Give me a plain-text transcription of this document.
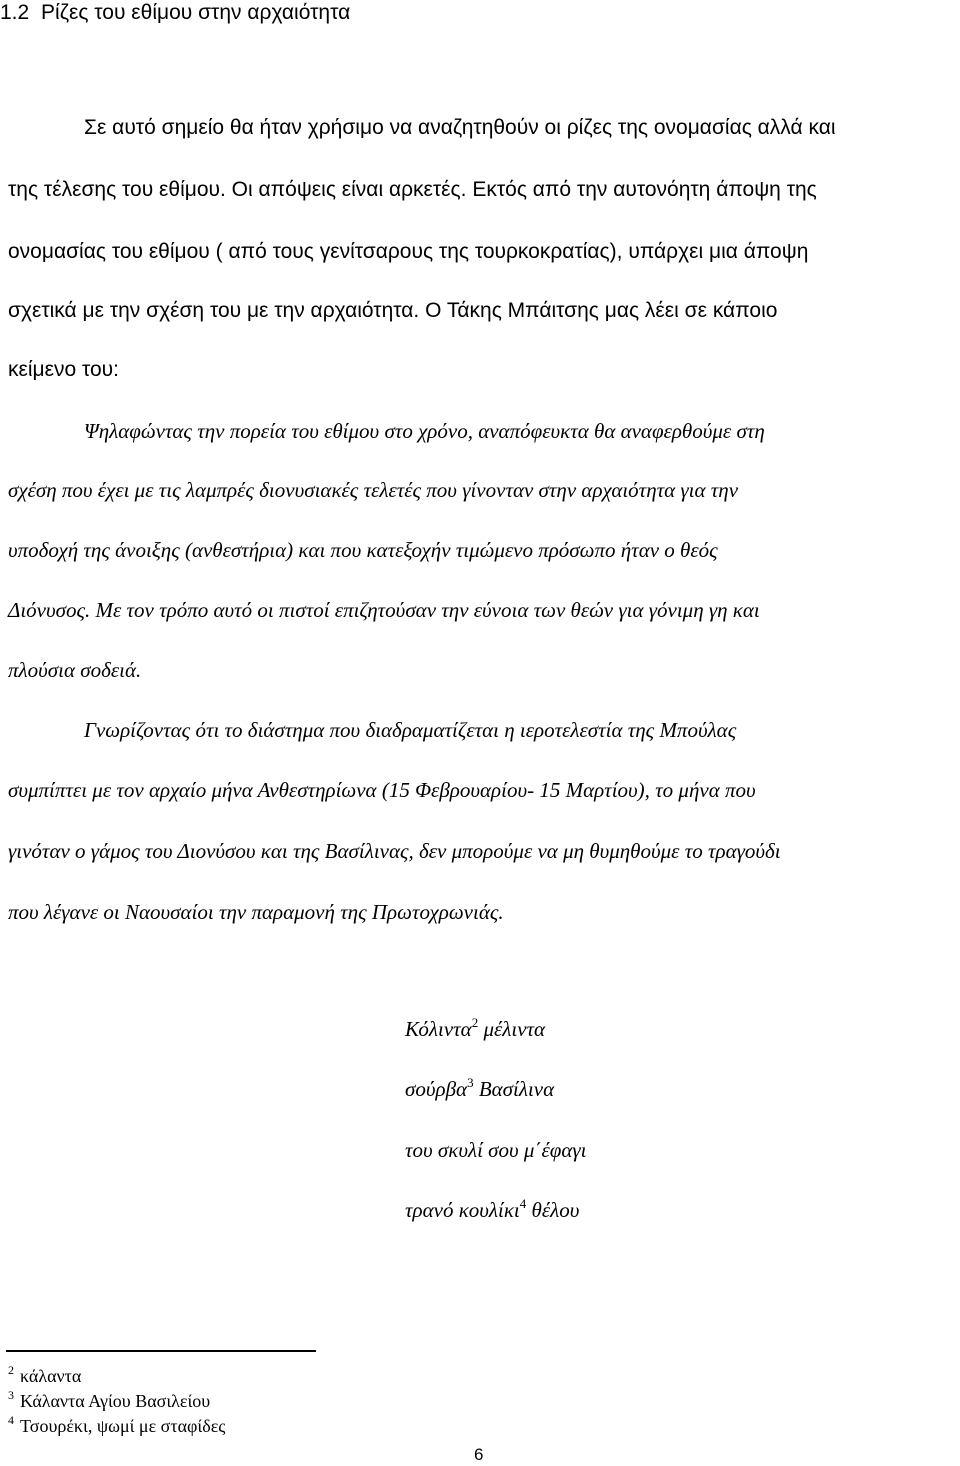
1.2 Ρίζες του εθίμου στην αρχαιότητα
Σε αυτό σημείο θα ήταν χρήσιμο να αναζητηθούν οι ρίζες της ονομασίας αλλά και
της τέλεσης του εθίμου. Οι απόψεις είναι αρκετές. Εκτός από την αυτονόητη άποψη της
ονομασίας του εθίμου ( από τους γενίτσαρους της τουρκοκρατίας), υπάρχει μια άποψη
σχετικά με την σχέση του με την αρχαιότητα. Ο Τάκης Μπάιτσης μας λέει σε κάποιο
κείμενο του:
Ψηλαφώντας την πορεία του εθίμου στο χρόνο, αναπόφευκτα θα αναφερθούμε στη
σχέση που έχει με τις λαμπρές διονυσιακές τελετές που γίνονταν στην αρχαιότητα για την
υποδοχή της άνοιξης (ανθεστήρια) και που κατεξοχήν τιμώμενο πρόσωπο ήταν ο θεός
Διόνυσος. Με τον τρόπο αυτό οι πιστοί επιζητούσαν την εύνοια των θεών για γόνιμη γη και
πλούσια σοδειά.
Γνωρίζοντας ότι το διάστημα που διαδραματίζεται η ιεροτελεστία της Μπούλας
συμπίπτει με τον αρχαίο μήνα Ανθεστηρίωνα (15 Φεβρουαρίου- 15 Μαρτίου), το μήνα που
γινόταν ο γάμος του Διονύσου και της Βασίλινας, δεν μπορούμε να μη θυμηθούμε το τραγούδι
που λέγανε οι Ναουσαίοι την παραμονή της Πρωτοχρωνιάς.
Κόλιντα$^2$ μέλιντα
σούρβα$^3$ Βασίλινα
του σκυλί σου μ΄έφαγι
τρανό κουλίκι$^4$ θέλου
$^2$ κάλαντα
$^3$ Κάλαντα Αγίου Βασιλείου
$^4$ Τσουρέκι, ψωμί με σταφίδες
6
